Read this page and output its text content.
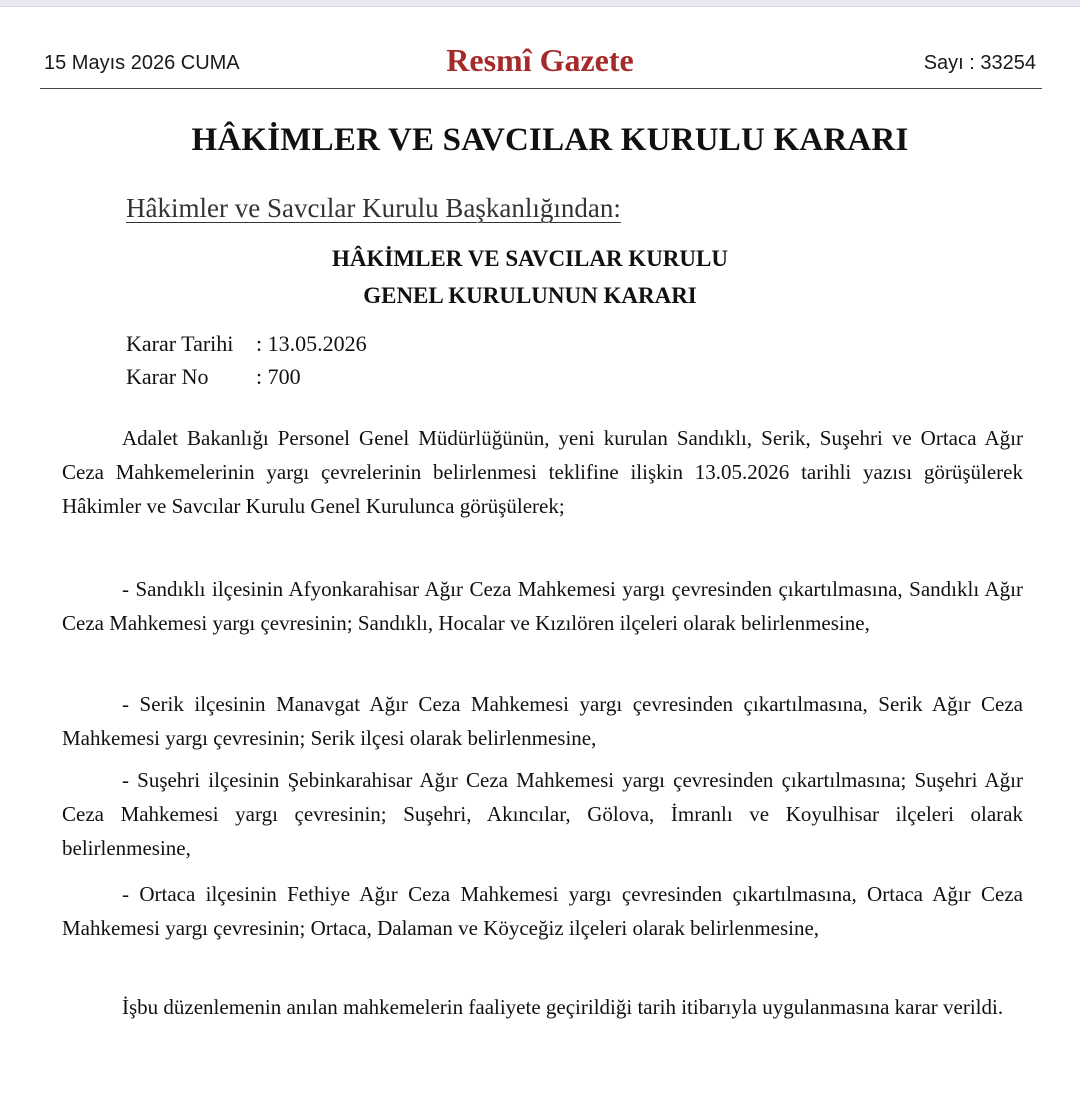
15 Mayıs 2026 CUMA	Resmî Gazete	Sayı : 33254
HÂKİMLER VE SAVCILAR KURULU KARARI
Hâkimler ve Savcılar Kurulu Başkanlığından:
HÂKİMLER VE SAVCILAR KURULU
GENEL KURULUNUN KARARI
Karar Tarihi : 13.05.2026
Karar No : 700

Adalet Bakanlığı Personel Genel Müdürlüğünün, yeni kurulan Sandıklı, Serik, Suşehri ve Ortaca Ağır Ceza Mahkemelerinin yargı çevrelerinin belirlenmesi teklifine ilişkin 13.05.2026 tarihli yazısı görüşülerek Hâkimler ve Savcılar Kurulu Genel Kurulunca görüşülerek;

- Sandıklı ilçesinin Afyonkarahisar Ağır Ceza Mahkemesi yargı çevresinden çıkartılmasına, Sandıklı Ağır Ceza Mahkemesi yargı çevresinin; Sandıklı, Hocalar ve Kızılören ilçeleri olarak belirlenmesine,

- Serik ilçesinin Manavgat Ağır Ceza Mahkemesi yargı çevresinden çıkartılmasına, Serik Ağır Ceza Mahkemesi yargı çevresinin; Serik ilçesi olarak belirlenmesine,

- Suşehri ilçesinin Şebinkarahisar Ağır Ceza Mahkemesi yargı çevresinden çıkartılmasına; Suşehri Ağır Ceza Mahkemesi yargı çevresinin; Suşehri, Akıncılar, Gölova, İmranlı ve Koyulhisar ilçeleri olarak belirlenmesine,

- Ortaca ilçesinin Fethiye Ağır Ceza Mahkemesi yargı çevresinden çıkartılmasına, Ortaca Ağır Ceza Mahkemesi yargı çevresinin; Ortaca, Dalaman ve Köyceğiz ilçeleri olarak belirlenmesine,

İşbu düzenlemenin anılan mahkemelerin faaliyete geçirildiği tarih itibarıyla uygulanmasına karar verildi.
